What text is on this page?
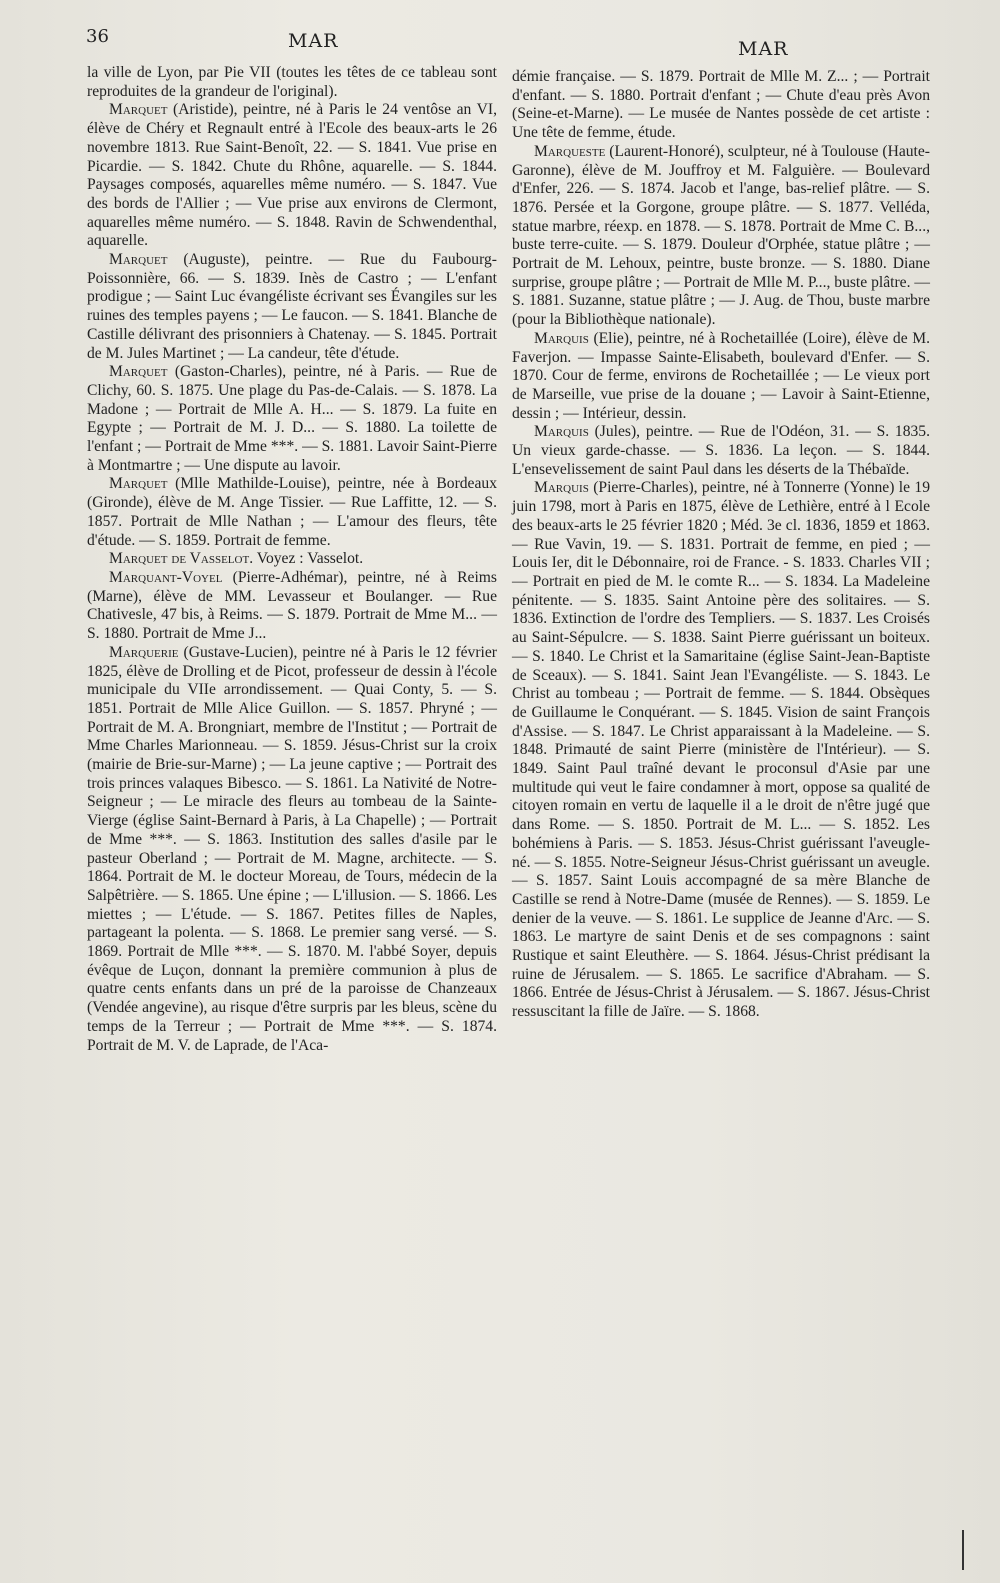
36	MAR	MAR

la ville de Lyon, par Pie VII (toutes les têtes de ce tableau sont reproduites de la grandeur de l'original).

Marquet (Aristide), peintre, né à Paris le 24 ventôse an VI, élève de Chéry et Regnault entré à l'Ecole des beaux-arts le 26 novembre 1813. Rue Saint-Benoît, 22. — S. 1841. Vue prise en Picardie. — S. 1842. Chute du Rhône, aquarelle. — S. 1844. Paysages composés, aquarelles même numéro. — S. 1847. Vue des bords de l'Allier ; — Vue prise aux environs de Clermont, aquarelles même numéro. — S. 1848. Ravin de Schwendenthal, aquarelle.

Marquet (Auguste), peintre. — Rue du Faubourg-Poissonnière, 66. — S. 1839. Inès de Castro ; — L'enfant prodigue ; — Saint Luc évangéliste écrivant ses Évangiles sur les ruines des temples payens ; — Le faucon. — S. 1841. Blanche de Castille délivrant des prisonniers à Chatenay. — S. 1845. Portrait de M. Jules Martinet ; — La candeur, tête d'étude.

Marquet (Gaston-Charles), peintre, né à Paris. — Rue de Clichy, 60. S. 1875. Une plage du Pas-de-Calais. — S. 1878. La Madone ; — Portrait de Mlle A. H... — S. 1879. La fuite en Egypte ; — Portrait de M. J. D... — S. 1880. La toilette de l'enfant ; — Portrait de Mme ***. — S. 1881. Lavoir Saint-Pierre à Montmartre ; — Une dispute au lavoir.

Marquet (Mlle Mathilde-Louise), peintre, née à Bordeaux (Gironde), élève de M. Ange Tissier. — Rue Laffitte, 12. — S. 1857. Portrait de Mlle Nathan ; — L'amour des fleurs, tête d'étude. — S. 1859. Portrait de femme.

Marquet de Vasselot. Voyez : Vasselot.

Marquant-Voyel (Pierre-Adhémar), peintre, né à Reims (Marne), élève de MM. Levasseur et Boulanger. — Rue Chativesle, 47 bis, à Reims. — S. 1879. Portrait de Mme M... — S. 1880. Portrait de Mme J...

Marquerie (Gustave-Lucien), peintre né à Paris le 12 février 1825, élève de Drolling et de Picot, professeur de dessin à l'école municipale du VIIe arrondissement. — Quai Conty, 5. — S. 1851. Portrait de Mlle Alice Guillon. — S. 1857. Phryné ; — Portrait de M. A. Brongniart, membre de l'Institut ; — Portrait de Mme Charles Marionneau. — S. 1859. Jésus-Christ sur la croix (mairie de Brie-sur-Marne) ; — La jeune captive ; — Portrait des trois princes valaques Bibesco. — S. 1861. La Nativité de Notre-Seigneur ; — Le miracle des fleurs au tombeau de la Sainte-Vierge (église Saint-Bernard à Paris, à La Chapelle) ; — Portrait de Mme ***. — S. 1863. Institution des salles d'asile par le pasteur Oberland ; — Portrait de M. Magne, architecte. — S. 1864. Portrait de M. le docteur Moreau, de Tours, médecin de la Salpêtrière. — S. 1865. Une épine ; — L'illusion. — S. 1866. Les miettes ; — L'étude. — S. 1867. Petites filles de Naples, partageant la polenta. — S. 1868. Le premier sang versé. — S. 1869. Portrait de Mlle ***. — S. 1870. M. l'abbé Soyer, depuis évêque de Luçon, donnant la première communion à plus de quatre cents enfants dans un pré de la paroisse de Chanzeaux (Vendée angevine), au risque d'être surpris par les bleus, scène du temps de la Terreur ; — Portrait de Mme ***. — S. 1874. Portrait de M. V. de Laprade, de l'Aca-

démie française. — S. 1879. Portrait de Mlle M. Z... ; — Portrait d'enfant. — S. 1880. Portrait d'enfant ; — Chute d'eau près Avon (Seine-et-Marne). — Le musée de Nantes possède de cet artiste : Une tête de femme, étude.

Marqueste (Laurent-Honoré), sculpteur, né à Toulouse (Haute-Garonne), élève de M. Jouffroy et M. Falguière. — Boulevard d'Enfer, 226. — S. 1874. Jacob et l'ange, bas-relief plâtre. — S. 1876. Persée et la Gorgone, groupe plâtre. — S. 1877. Velléda, statue marbre, réexp. en 1878. — S. 1878. Portrait de Mme C. B..., buste terre-cuite. — S. 1879. Douleur d'Orphée, statue plâtre ; — Portrait de M. Lehoux, peintre, buste bronze. — S. 1880. Diane surprise, groupe plâtre ; — Portrait de Mlle M. P..., buste plâtre. — S. 1881. Suzanne, statue plâtre ; — J. Aug. de Thou, buste marbre (pour la Bibliothèque nationale).

Marquis (Elie), peintre, né à Rochetaillée (Loire), élève de M. Faverjon. — Impasse Sainte-Elisabeth, boulevard d'Enfer. — S. 1870. Cour de ferme, environs de Rochetaillée ; — Le vieux port de Marseille, vue prise de la douane ; — Lavoir à Saint-Etienne, dessin ; — Intérieur, dessin.

Marquis (Jules), peintre. — Rue de l'Odéon, 31. — S. 1835. Un vieux garde-chasse. — S. 1836. La leçon. — S. 1844. L'ensevelissement de saint Paul dans les déserts de la Thébaïde.

Marquis (Pierre-Charles), peintre, né à Tonnerre (Yonne) le 19 juin 1798, mort à Paris en 1875, élève de Lethière, entré à l Ecole des beaux-arts le 25 février 1820 ; Méd. 3e cl. 1836, 1859 et 1863. — Rue Vavin, 19. — S. 1831. Portrait de femme, en pied ; — Louis Ier, dit le Débonnaire, roi de France. - S. 1833. Charles VII ; — Portrait en pied de M. le comte R... — S. 1834. La Madeleine pénitente. — S. 1835. Saint Antoine père des solitaires. — S. 1836. Extinction de l'ordre des Templiers. — S. 1837. Les Croisés au Saint-Sépulcre. — S. 1838. Saint Pierre guérissant un boiteux. — S. 1840. Le Christ et la Samaritaine (église Saint-Jean-Baptiste de Sceaux). — S. 1841. Saint Jean l'Evangéliste. — S. 1843. Le Christ au tombeau ; — Portrait de femme. — S. 1844. Obsèques de Guillaume le Conquérant. — S. 1845. Vision de saint François d'Assise. — S. 1847. Le Christ apparaissant à la Madeleine. — S. 1848. Primauté de saint Pierre (ministère de l'Intérieur). — S. 1849. Saint Paul traîné devant le proconsul d'Asie par une multitude qui veut le faire condamner à mort, oppose sa qualité de citoyen romain en vertu de laquelle il a le droit de n'être jugé que dans Rome. — S. 1850. Portrait de M. L... — S. 1852. Les bohémiens à Paris. — S. 1853. Jésus-Christ guérissant l'aveugle-né. — S. 1855. Notre-Seigneur Jésus-Christ guérissant un aveugle. — S. 1857. Saint Louis accompagné de sa mère Blanche de Castille se rend à Notre-Dame (musée de Rennes). — S. 1859. Le denier de la veuve. — S. 1861. Le supplice de Jeanne d'Arc. — S. 1863. Le martyre de saint Denis et de ses compagnons : saint Rustique et saint Eleuthère. — S. 1864. Jésus-Christ prédisant la ruine de Jérusalem. — S. 1865. Le sacrifice d'Abraham. — S. 1866. Entrée de Jésus-Christ à Jérusalem. — S. 1867. Jésus-Christ ressuscitant la fille de Jaïre. — S. 1868.
